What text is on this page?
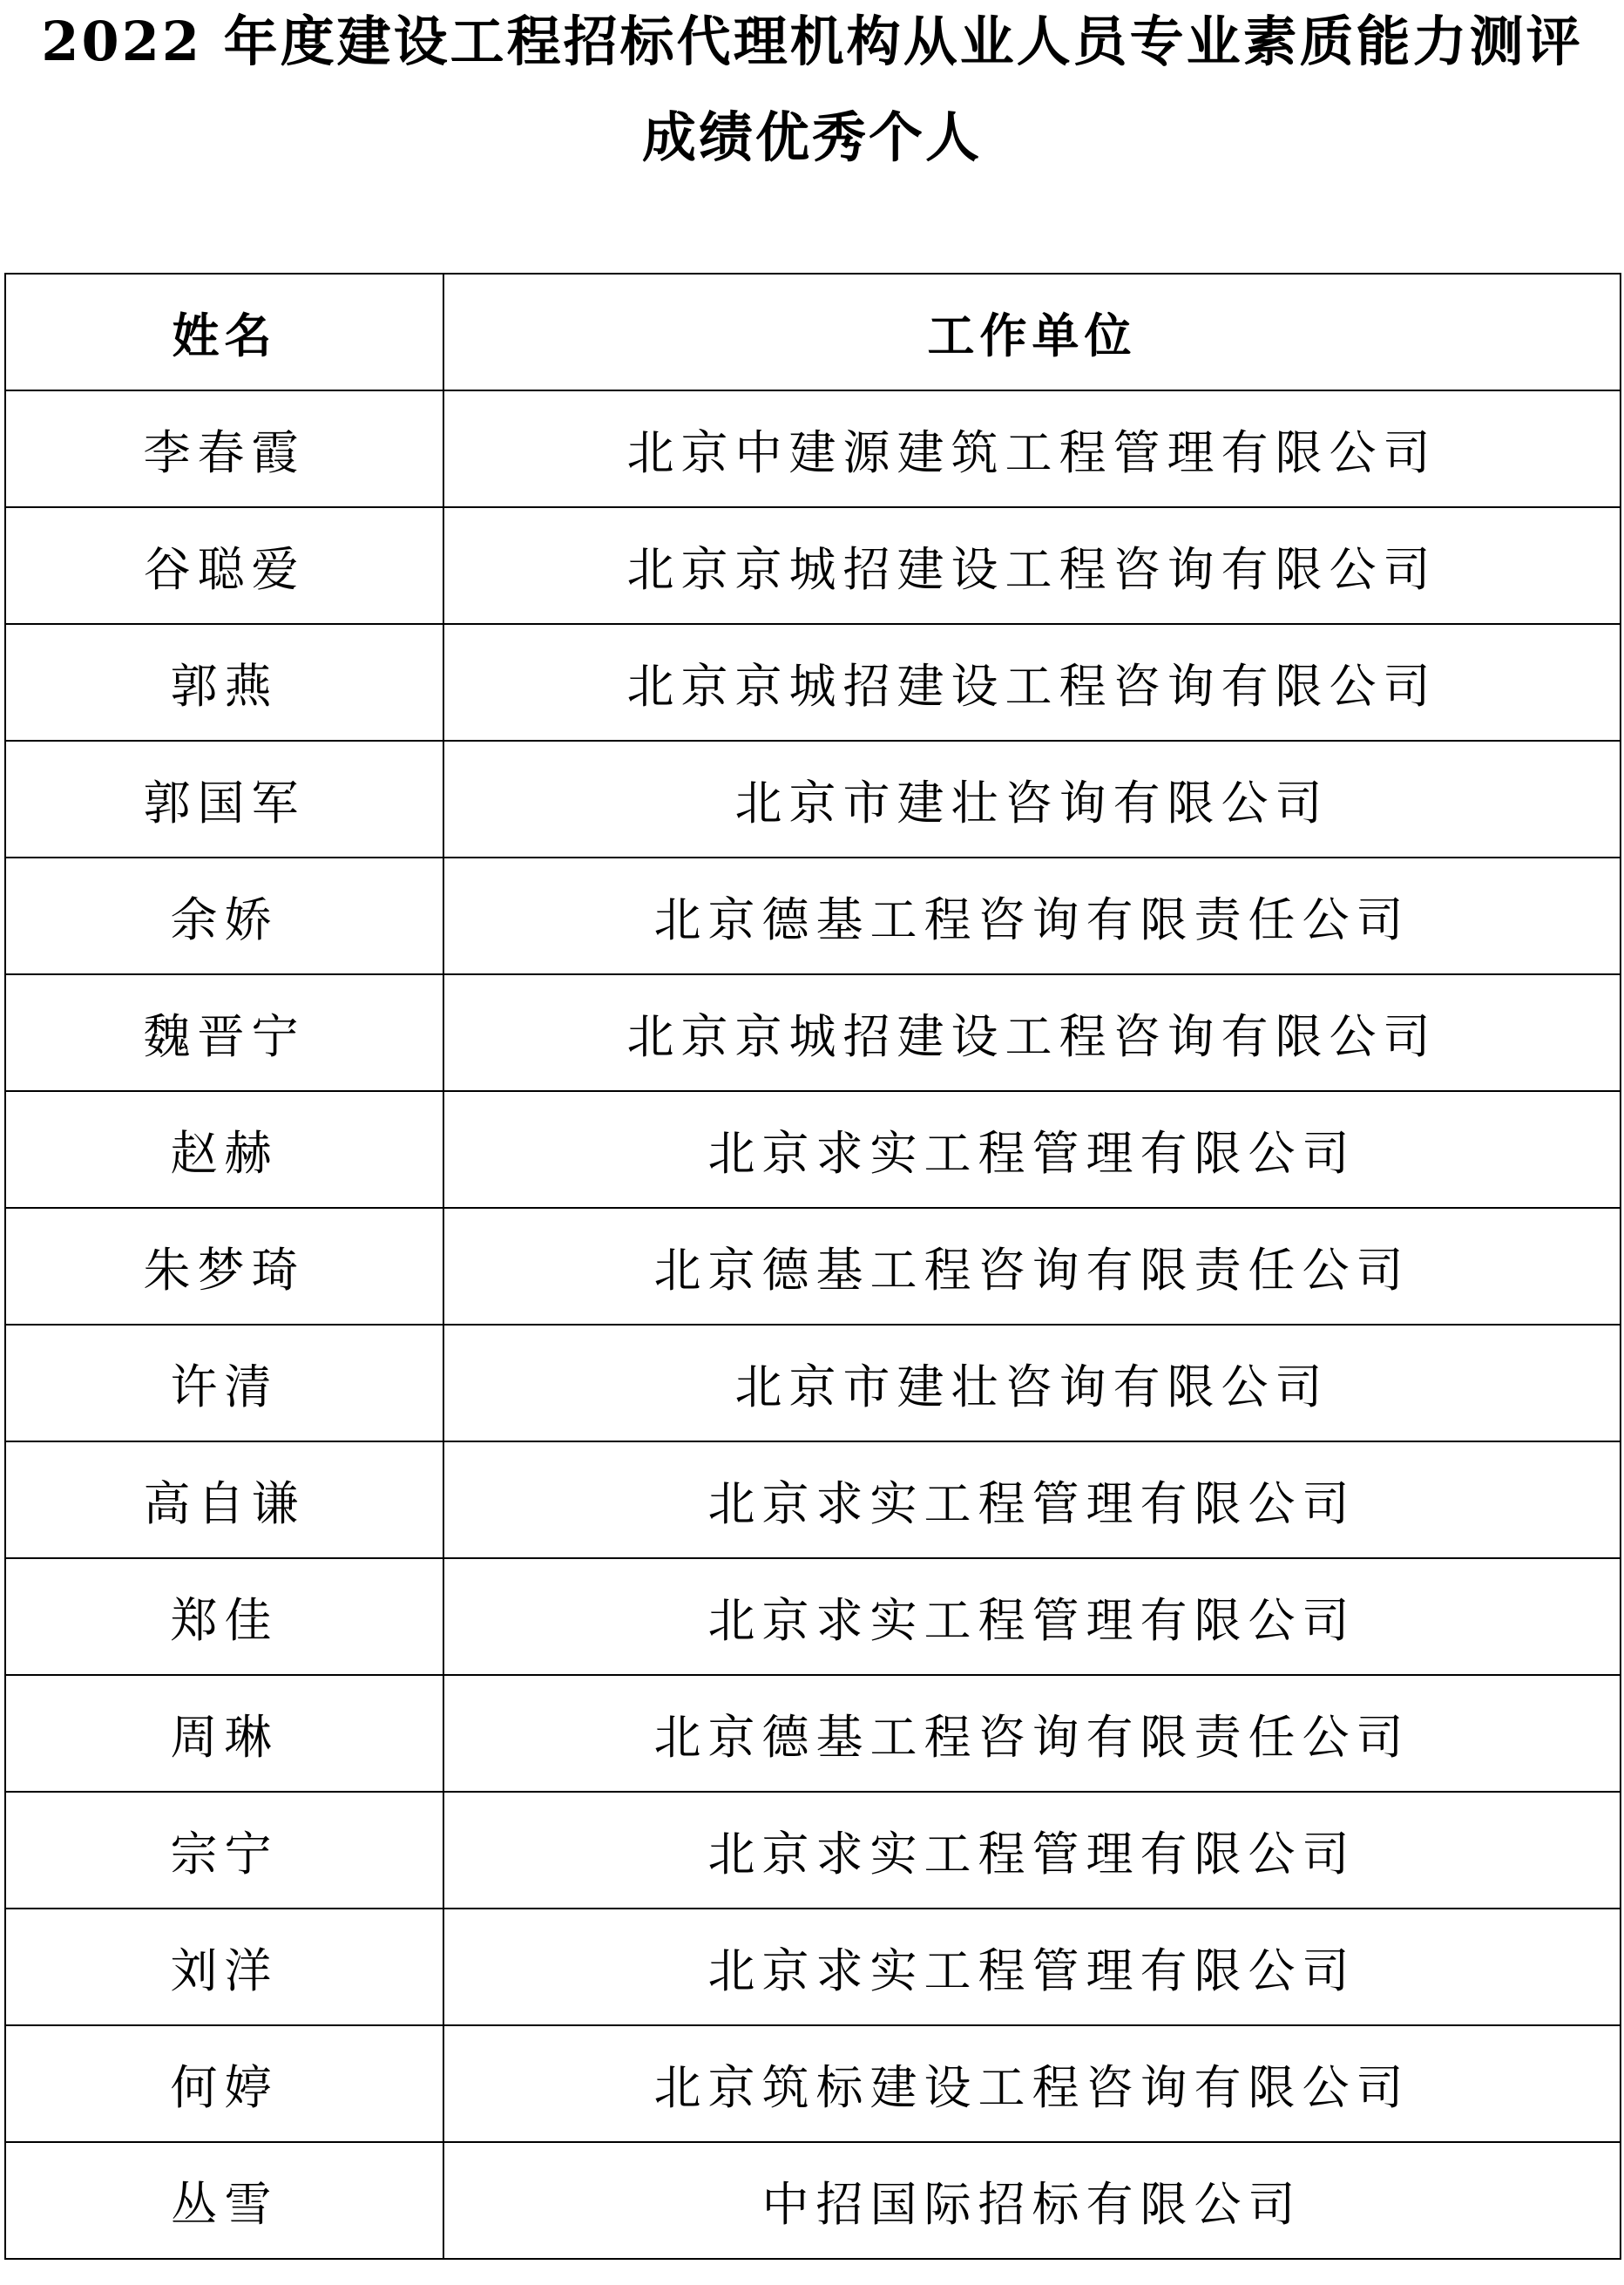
2022 年度建设工程招标代理机构从业人员专业素质能力测评
成绩优秀个人
姓名	工作单位
李春霞	北京中建源建筑工程管理有限公司
谷聪爱	北京京城招建设工程咨询有限公司
郭燕	北京京城招建设工程咨询有限公司
郭国军	北京市建壮咨询有限公司
余娇	北京德基工程咨询有限责任公司
魏晋宁	北京京城招建设工程咨询有限公司
赵赫	北京求实工程管理有限公司
朱梦琦	北京德基工程咨询有限责任公司
许清	北京市建壮咨询有限公司
高自谦	北京求实工程管理有限公司
郑佳	北京求实工程管理有限公司
周琳	北京德基工程咨询有限责任公司
宗宁	北京求实工程管理有限公司
刘洋	北京求实工程管理有限公司
何婷	北京筑标建设工程咨询有限公司
丛雪	中招国际招标有限公司
